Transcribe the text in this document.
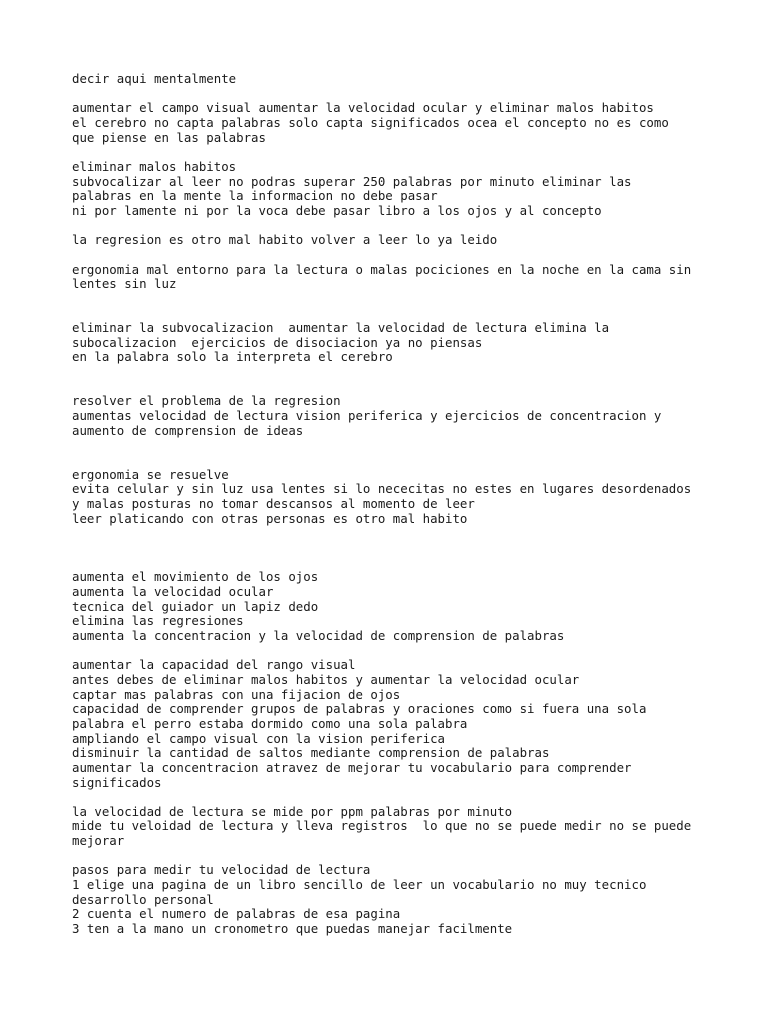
decir aqui mentalmente

aumentar el campo visual aumentar la velocidad ocular y eliminar malos habitos
el cerebro no capta palabras solo capta significados ocea el concepto no es como
que piense en las palabras

eliminar malos habitos
subvocalizar al leer no podras superar 250 palabras por minuto eliminar las
palabras en la mente la informacion no debe pasar
ni por lamente ni por la voca debe pasar libro a los ojos y al concepto

la regresion es otro mal habito volver a leer lo ya leido

ergonomia mal entorno para la lectura o malas pociciones en la noche en la cama sin
lentes sin luz

eliminar la subvocalizacion  aumentar la velocidad de lectura elimina la
subocalizacion  ejercicios de disociacion ya no piensas
en la palabra solo la interpreta el cerebro

resolver el problema de la regresion
aumentas velocidad de lectura vision periferica y ejercicios de concentracion y
aumento de comprension de ideas

ergonomia se resuelve
evita celular y sin luz usa lentes si lo nececitas no estes en lugares desordenados
y malas posturas no tomar descansos al momento de leer
leer platicando con otras personas es otro mal habito

aumenta el movimiento de los ojos
aumenta la velocidad ocular
tecnica del guiador un lapiz dedo
elimina las regresiones
aumenta la concentracion y la velocidad de comprension de palabras

aumentar la capacidad del rango visual
antes debes de eliminar malos habitos y aumentar la velocidad ocular
captar mas palabras con una fijacion de ojos
capacidad de comprender grupos de palabras y oraciones como si fuera una sola
palabra el perro estaba dormido como una sola palabra
ampliando el campo visual con la vision periferica
disminuir la cantidad de saltos mediante comprension de palabras
aumentar la concentracion atravez de mejorar tu vocabulario para comprender
significados

la velocidad de lectura se mide por ppm palabras por minuto
mide tu veloidad de lectura y lleva registros  lo que no se puede medir no se puede
mejorar

pasos para medir tu velocidad de lectura
1 elige una pagina de un libro sencillo de leer un vocabulario no muy tecnico
desarrollo personal
2 cuenta el numero de palabras de esa pagina
3 ten a la mano un cronometro que puedas manejar facilmente
